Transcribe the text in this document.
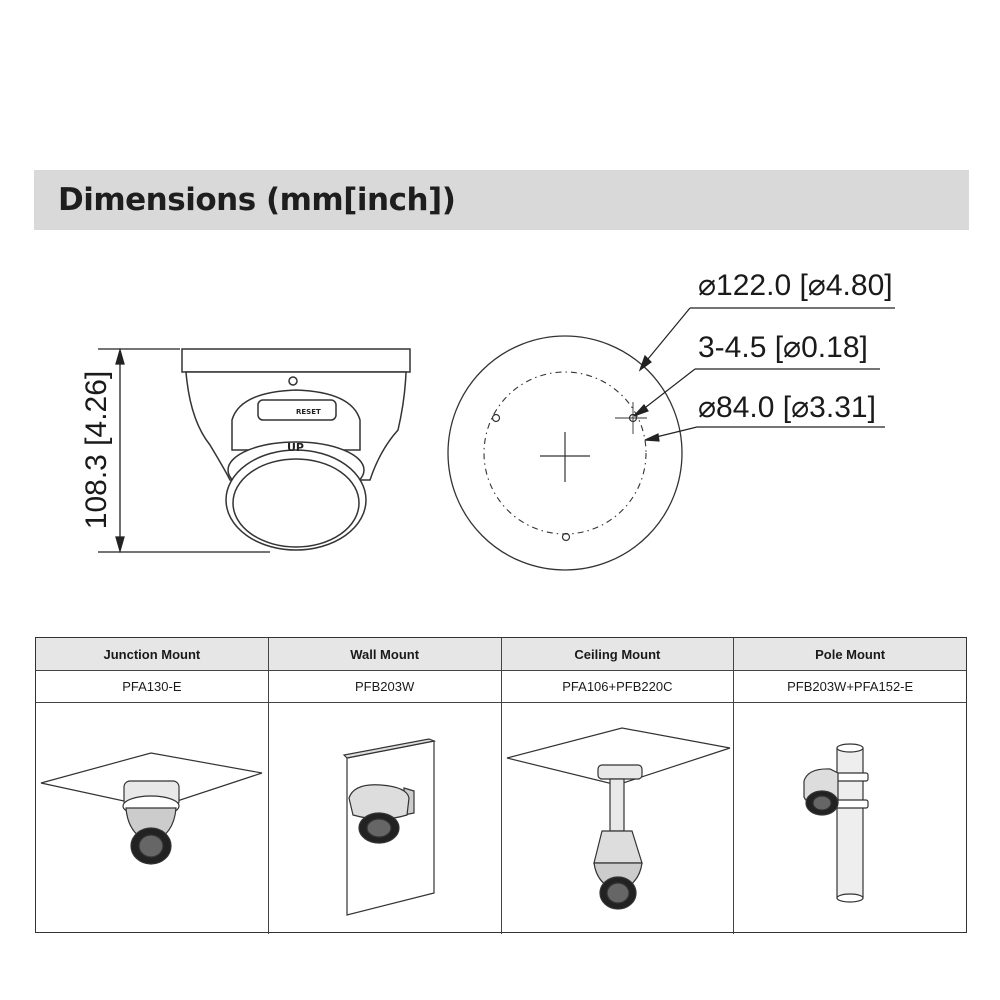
Dimensions (mm[inch])
108.3 [4.26]	UP
RESET
⌀122.0 [⌀4.80]
3-4.5 [⌀0.18]
⌀84.0 [⌀3.31]
Junction Mount	Wall Mount	Ceiling Mount	Pole Mount
PFA130-E	PFB203W	PFA106+PFB220C	PFB203W+PFA152-E
